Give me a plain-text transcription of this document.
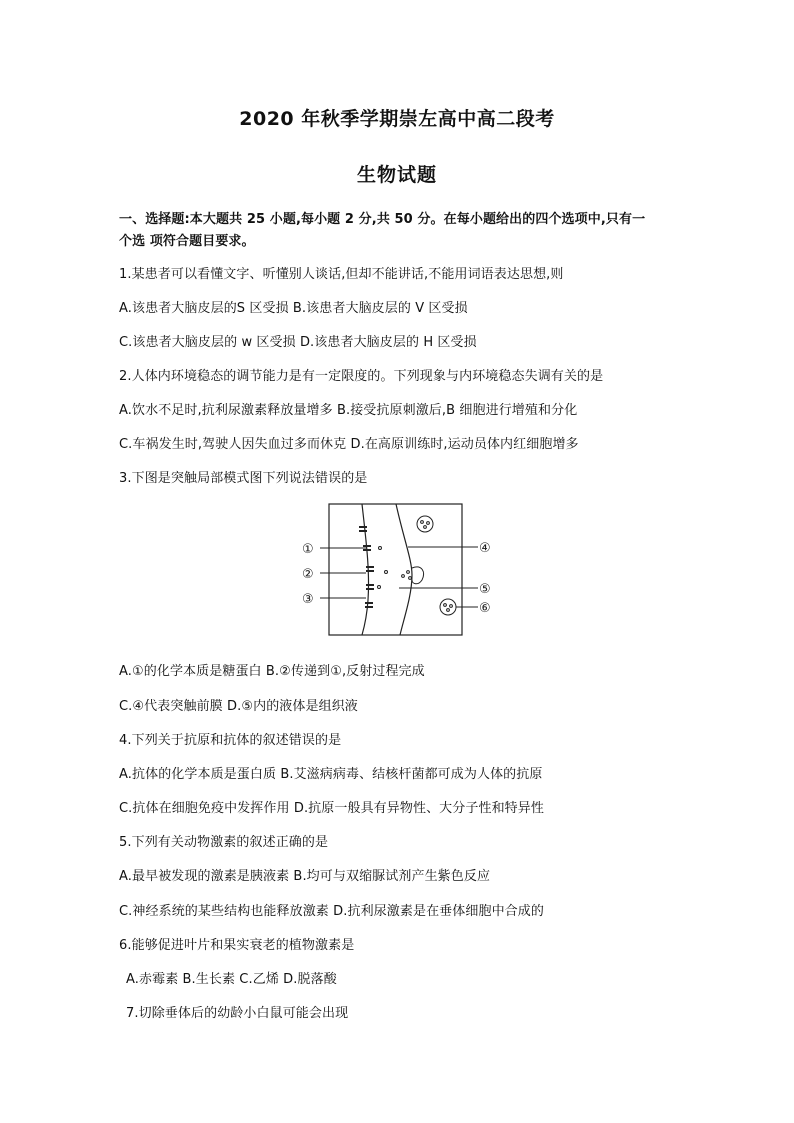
2020 年秋季学期崇左高中高二段考
生物试题
一、选择题:本大题共 25 小题,每小题 2 分,共 50 分。在每小题给出的四个选项中,只有一
个选 项符合题目要求。
1.某患者可以看懂文字、听懂别人谈话,但却不能讲话,不能用词语表达思想,则
A.该患者大脑皮层的S 区受损 B.该患者大脑皮层的 V 区受损
C.该患者大脑皮层的 w 区受损 D.该患者大脑皮层的 H 区受损
2.人体内环境稳态的调节能力是有一定限度的。下列现象与内环境稳态失调有关的是
A.饮水不足时,抗利尿激素释放量增多 B.接受抗原刺激后,B 细胞进行增殖和分化
C.车祸发生时,驾驶人因失血过多而休克 D.在高原训练时,运动员体内红细胞增多
3.下图是突触局部模式图下列说法错误的是
①
②
③
④
⑤
⑥
A.①的化学本质是糖蛋白 B.②传递到①,反射过程完成
C.④代表突触前膜 D.⑤内的液体是组织液
4.下列关于抗原和抗体的叙述错误的是
A.抗体的化学本质是蛋白质 B.艾滋病病毒、结核杆菌都可成为人体的抗原
C.抗体在细胞免疫中发挥作用 D.抗原一般具有异物性、大分子性和特异性
5.下列有关动物激素的叙述正确的是
A.最早被发现的激素是胰液素 B.均可与双缩脲试剂产生紫色反应
C.神经系统的某些结构也能释放激素 D.抗利尿激素是在垂体细胞中合成的
6.能够促进叶片和果实衰老的植物激素是
A.赤霉素 B.生长素 C.乙烯 D.脱落酸
7.切除垂体后的幼龄小白鼠可能会出现
